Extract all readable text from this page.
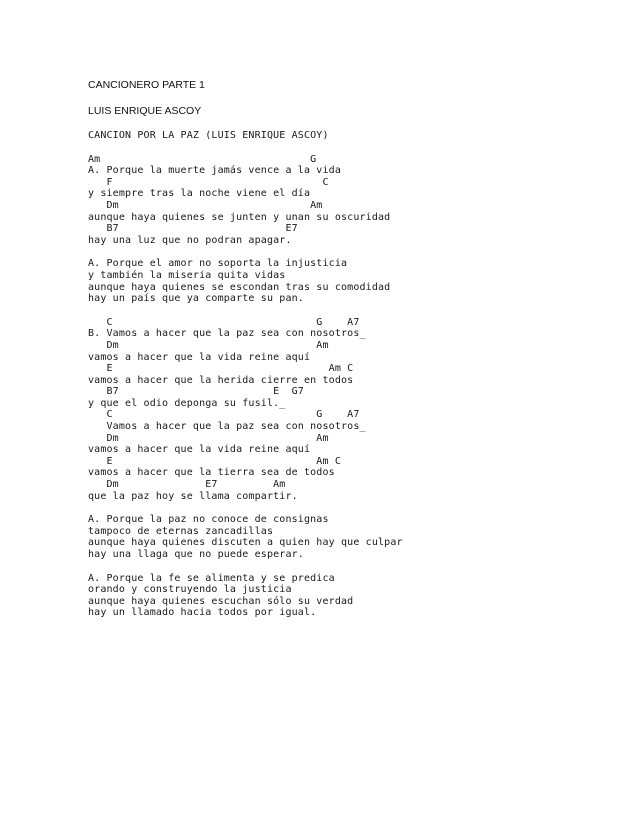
CANCIONERO PARTE 1
LUIS ENRIQUE ASCOY
CANCION POR LA PAZ (LUIS ENRIQUE ASCOY)
Am                                  G
A. Porque la muerte jamás vence a la vida
F                                  C
y siempre tras la noche viene el día
Dm                               Am
aunque haya quienes se junten y unan su oscuridad
B7                           E7
hay una luz que no podran apagar.
A. Porque el amor no soporta la injusticia
y también la miseria quita vidas
aunque haya quienes se escondan tras su comodidad
hay un país que ya comparte su pan.
C                                 G    A7
B. Vamos a hacer que la paz sea con nosotros_
Dm                                Am
vamos a hacer que la vida reine aquí
E                                   Am C
vamos a hacer que la herida cierre en todos
B7                         E  G7
y que el odio deponga su fusil._
C                                 G    A7
Vamos a hacer que la paz sea con nosotros_
Dm                                Am
vamos a hacer que la vida reine aquí
E                                 Am C
vamos a hacer que la tierra sea de todos
Dm              E7         Am
que la paz hoy se llama compartir.
A. Porque la paz no conoce de consignas
tampoco de eternas zancadillas
aunque haya quienes discuten a quien hay que culpar
hay una llaga que no puede esperar.
A. Porque la fe se alimenta y se predica
orando y construyendo la justicia
aunque haya quienes escuchan sólo su verdad
hay un llamado hacia todos por igual.
